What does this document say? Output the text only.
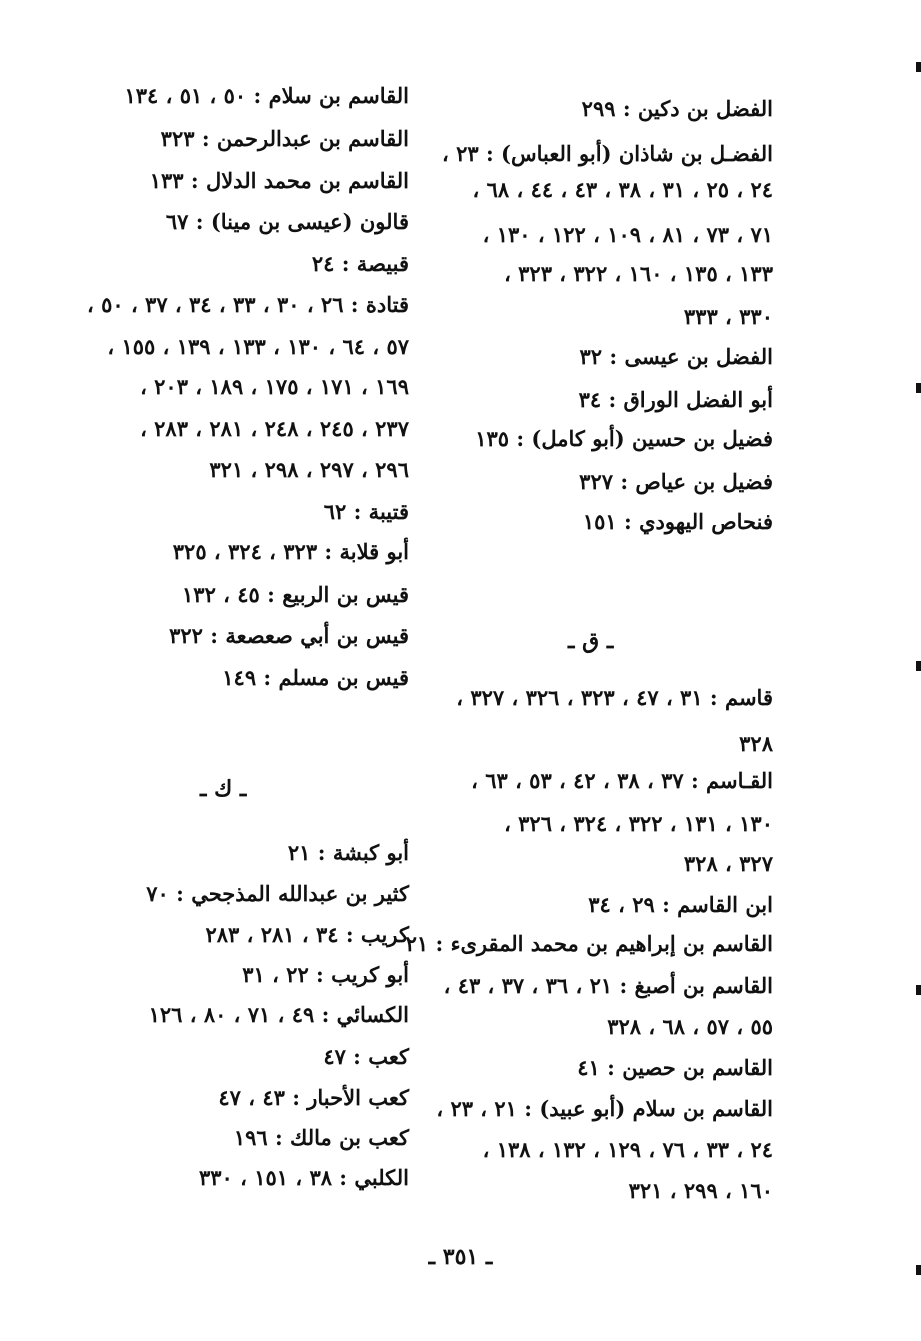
الفضل بن دكين : ٢٩٩
الفضـل بن شاذان (أبو العباس) : ٢٣ ،
٢٤ ، ٢٥ ، ٣١ ، ٣٨ ، ٤٣ ، ٤٤ ، ٦٨ ،
٧١ ، ٧٣ ، ٨١ ، ١٠٩ ، ١٢٢ ، ١٣٠ ،
١٣٣ ، ١٣٥ ، ١٦٠ ، ٣٢٢ ، ٣٢٣ ،
٣٣٠ ، ٣٣٣
الفضل بن عيسى : ٣٢
أبو الفضل الوراق : ٣٤
فضيل بن حسين (أبو كامل) : ١٣٥
فضيل بن عياص : ٣٢٧
فنحاص اليهودي : ١٥١
قاسم : ٣١ ، ٤٧ ، ٣٢٣ ، ٣٢٦ ، ٣٢٧ ،
٣٢٨
القـاسم : ٣٧ ، ٣٨ ، ٤٢ ، ٥٣ ، ٦٣ ،
١٣٠ ، ١٣١ ، ٣٢٢ ، ٣٢٤ ، ٣٢٦ ،
٣٢٧ ، ٣٢٨
ابن القاسم : ٢٩ ، ٣٤
القاسم بن إبراهيم بن محمد المقرىء : ٢١
القاسم بن أصبغ : ٢١ ، ٣٦ ، ٣٧ ، ٤٣ ،
٥٥ ، ٥٧ ، ٦٨ ، ٣٢٨
القاسم بن حصين : ٤١
القاسم بن سلام (أبو عبيد) : ٢١ ، ٢٣ ،
٢٤ ، ٣٣ ، ٧٦ ، ١٢٩ ، ١٣٢ ، ١٣٨ ،
١٦٠ ، ٢٩٩ ، ٣٢١
ـ ق ـ
القاسم بن سلام : ٥٠ ، ٥١ ، ١٣٤
القاسم بن عبدالرحمن : ٣٢٣
القاسم بن محمد الدلال : ١٣٣
قالون (عيسى بن مينا) : ٦٧
قبيصة : ٢٤
قتادة : ٢٦ ، ٣٠ ، ٣٣ ، ٣٤ ، ٣٧ ، ٥٠ ،
٥٧ ، ٦٤ ، ١٣٠ ، ١٣٣ ، ١٣٩ ، ١٥٥ ،
١٦٩ ، ١٧١ ، ١٧٥ ، ١٨٩ ، ٢٠٣ ،
٢٣٧ ، ٢٤٥ ، ٢٤٨ ، ٢٨١ ، ٢٨٣ ،
٢٩٦ ، ٢٩٧ ، ٢٩٨ ، ٣٢١
قتيبة : ٦٢
أبو قلابة : ٣٢٣ ، ٣٢٤ ، ٣٢٥
قيس بن الربيع : ٤٥ ، ١٣٢
قيس بن أبي صعصعة : ٣٢٢
قيس بن مسلم : ١٤٩
أبو كبشة : ٢١
كثير بن عبدالله المذجحي : ٧٠
كريب : ٣٤ ، ٢٨١ ، ٢٨٣
أبو كريب : ٢٢ ، ٣١
الكسائي : ٤٩ ، ٧١ ، ٨٠ ، ١٢٦
كعب : ٤٧
كعب الأحبار : ٤٣ ، ٤٧
كعب بن مالك : ١٩٦
الكلبي : ٣٨ ، ١٥١ ، ٣٣٠
ـ ك ـ
ـ ٣٥١ ـ
